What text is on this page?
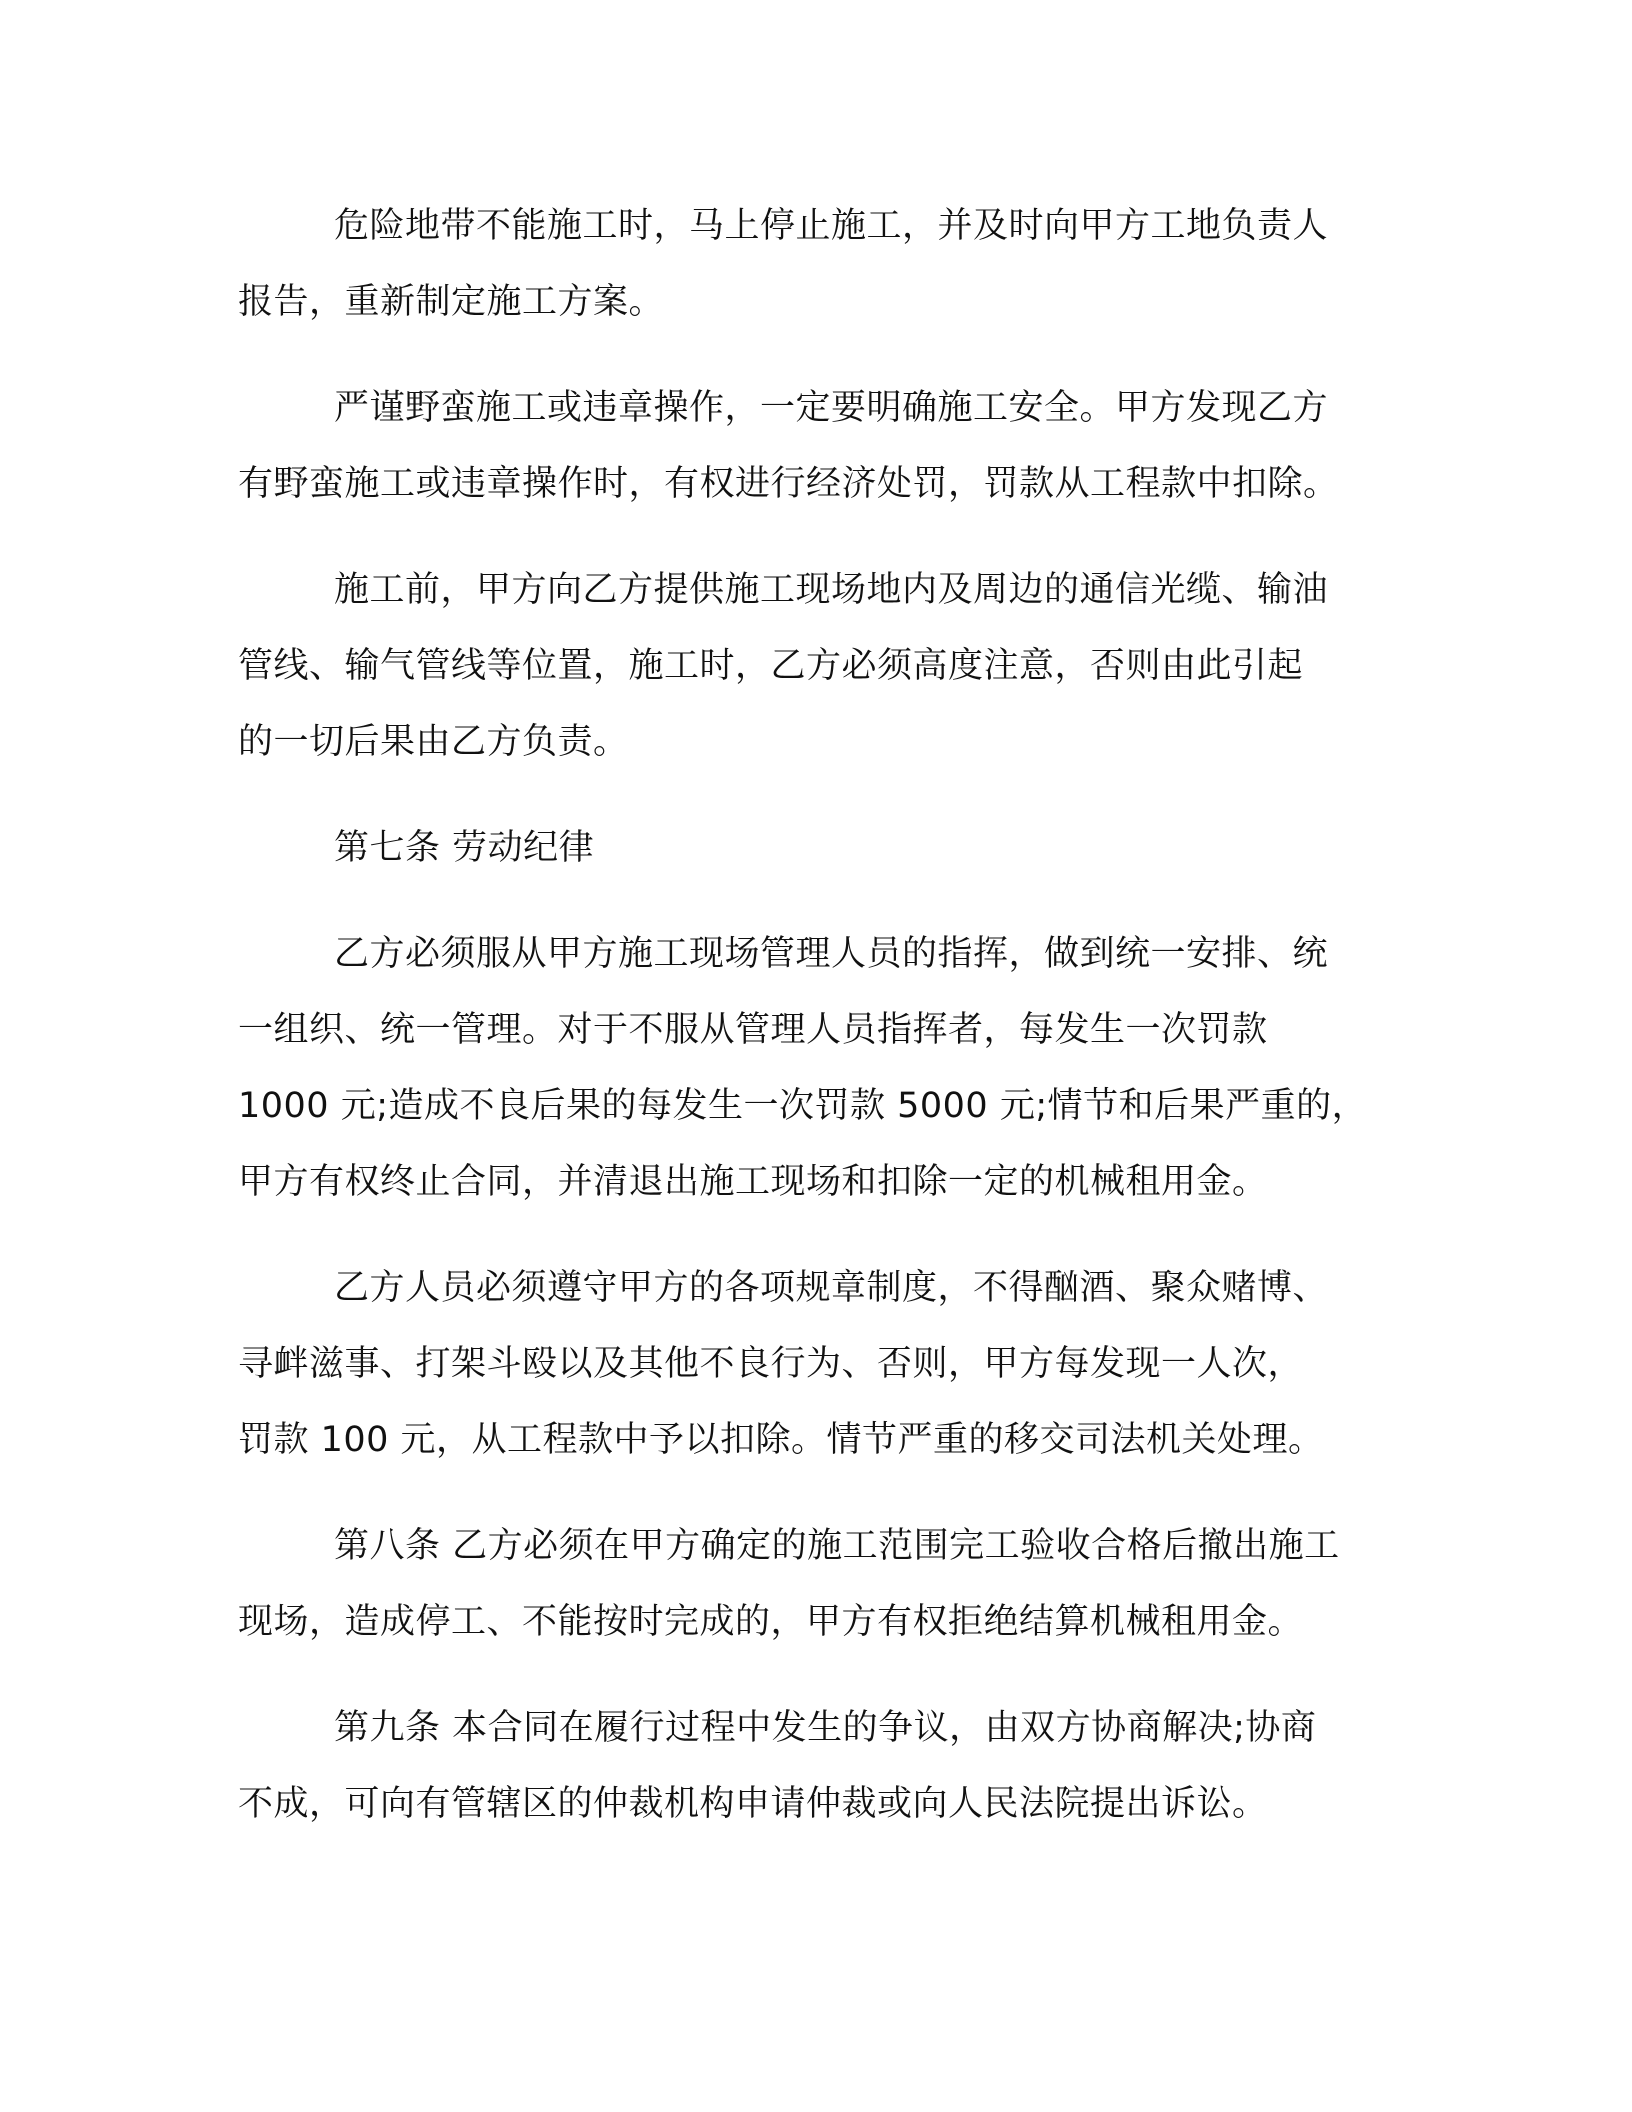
危险地带不能施工时，马上停止施工，并及时向甲方工地负责人
报告，重新制定施工方案。

严谨野蛮施工或违章操作，一定要明确施工安全。甲方发现乙方
有野蛮施工或违章操作时，有权进行经济处罚，罚款从工程款中扣除。

施工前，甲方向乙方提供施工现场地内及周边的通信光缆、输油
管线、输气管线等位置，施工时，乙方必须高度注意，否则由此引起
的一切后果由乙方负责。

第七条 劳动纪律

乙方必须服从甲方施工现场管理人员的指挥，做到统一安排、统
一组织、统一管理。对于不服从管理人员指挥者，每发生一次罚款
1000 元;造成不良后果的每发生一次罚款 5000 元;情节和后果严重的，
甲方有权终止合同，并清退出施工现场和扣除一定的机械租用金。

乙方人员必须遵守甲方的各项规章制度，不得酗酒、聚众赌博、
寻衅滋事、打架斗殴以及其他不良行为、否则，甲方每发现一人次，
罚款 100 元，从工程款中予以扣除。情节严重的移交司法机关处理。

第八条 乙方必须在甲方确定的施工范围完工验收合格后撤出施工
现场，造成停工、不能按时完成的，甲方有权拒绝结算机械租用金。

第九条 本合同在履行过程中发生的争议，由双方协商解决;协商
不成，可向有管辖区的仲裁机构申请仲裁或向人民法院提出诉讼。
